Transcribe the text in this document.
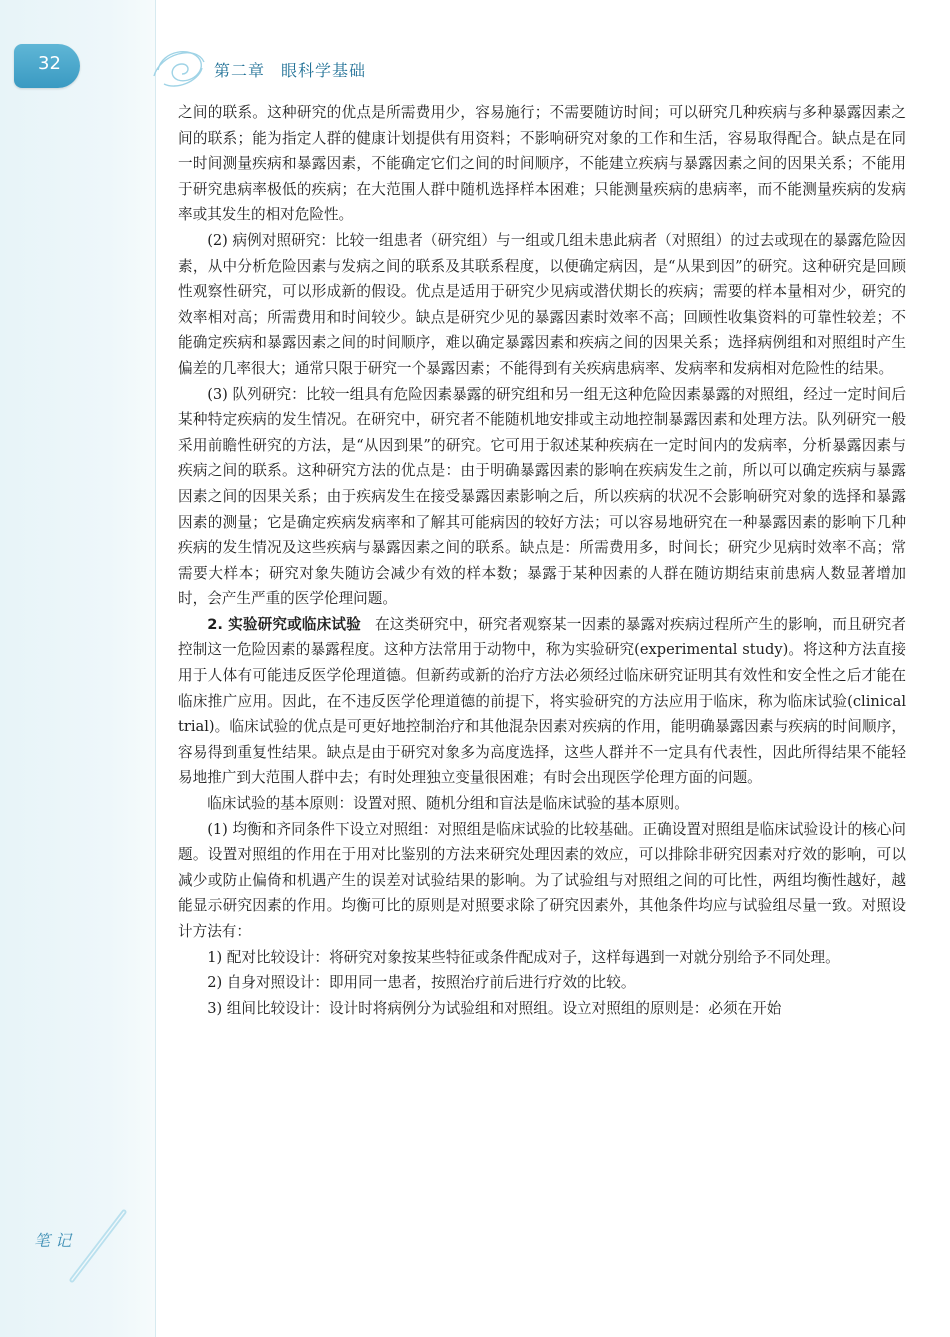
32	第二章 眼科学基础

之间的联系。这种研究的优点是所需费用少，容易施行；不需要随访时间；可以研究几种疾病与多种暴露因素之间的联系；能为指定人群的健康计划提供有用资料；不影响研究对象的工作和生活，容易取得配合。缺点是在同一时间测量疾病和暴露因素，不能确定它们之间的时间顺序，不能建立疾病与暴露因素之间的因果关系；不能用于研究患病率极低的疾病；在大范围人群中随机选择样本困难；只能测量疾病的患病率，而不能测量疾病的发病率或其发生的相对危险性。

(2) 病例对照研究：比较一组患者（研究组）与一组或几组未患此病者（对照组）的过去或现在的暴露危险因素，从中分析危险因素与发病之间的联系及其联系程度，以便确定病因，是“从果到因”的研究。这种研究是回顾性观察性研究，可以形成新的假设。优点是适用于研究少见病或潜伏期长的疾病；需要的样本量相对少，研究的效率相对高；所需费用和时间较少。缺点是研究少见的暴露因素时效率不高；回顾性收集资料的可靠性较差；不能确定疾病和暴露因素之间的时间顺序，难以确定暴露因素和疾病之间的因果关系；选择病例组和对照组时产生偏差的几率很大；通常只限于研究一个暴露因素；不能得到有关疾病患病率、发病率和发病相对危险性的结果。

(3) 队列研究：比较一组具有危险因素暴露的研究组和另一组无这种危险因素暴露的对照组，经过一定时间后某种特定疾病的发生情况。在研究中，研究者不能随机地安排或主动地控制暴露因素和处理方法。队列研究一般采用前瞻性研究的方法，是“从因到果”的研究。它可用于叙述某种疾病在一定时间内的发病率，分析暴露因素与疾病之间的联系。这种研究方法的优点是：由于明确暴露因素的影响在疾病发生之前，所以可以确定疾病与暴露因素之间的因果关系；由于疾病发生在接受暴露因素影响之后，所以疾病的状况不会影响研究对象的选择和暴露因素的测量；它是确定疾病发病率和了解其可能病因的较好方法；可以容易地研究在一种暴露因素的影响下几种疾病的发生情况及这些疾病与暴露因素之间的联系。缺点是：所需费用多，时间长；研究少见病时效率不高；常需要大样本；研究对象失随访会减少有效的样本数；暴露于某种因素的人群在随访期结束前患病人数显著增加时，会产生严重的医学伦理问题。

2. 实验研究或临床试验 在这类研究中，研究者观察某一因素的暴露对疾病过程所产生的影响，而且研究者控制这一危险因素的暴露程度。这种方法常用于动物中，称为实验研究(experimental study)。将这种方法直接用于人体有可能违反医学伦理道德。但新药或新的治疗方法必须经过临床研究证明其有效性和安全性之后才能在临床推广应用。因此，在不违反医学伦理道德的前提下，将实验研究的方法应用于临床，称为临床试验(clinical trial)。临床试验的优点是可更好地控制治疗和其他混杂因素对疾病的作用，能明确暴露因素与疾病的时间顺序，容易得到重复性结果。缺点是由于研究对象多为高度选择，这些人群并不一定具有代表性，因此所得结果不能轻易地推广到大范围人群中去；有时处理独立变量很困难；有时会出现医学伦理方面的问题。

临床试验的基本原则：设置对照、随机分组和盲法是临床试验的基本原则。

(1) 均衡和齐同条件下设立对照组：对照组是临床试验的比较基础。正确设置对照组是临床试验设计的核心问题。设置对照组的作用在于用对比鉴别的方法来研究处理因素的效应，可以排除非研究因素对疗效的影响，可以减少或防止偏倚和机遇产生的误差对试验结果的影响。为了试验组与对照组之间的可比性，两组均衡性越好，越能显示研究因素的作用。均衡可比的原则是对照要求除了研究因素外，其他条件均应与试验组尽量一致。对照设计方法有：

1) 配对比较设计：将研究对象按某些特征或条件配成对子，这样每遇到一对就分别给予不同处理。

2) 自身对照设计：即用同一患者，按照治疗前后进行疗效的比较。

3) 组间比较设计：设计时将病例分为试验组和对照组。设立对照组的原则是：必须在开始

笔 记
